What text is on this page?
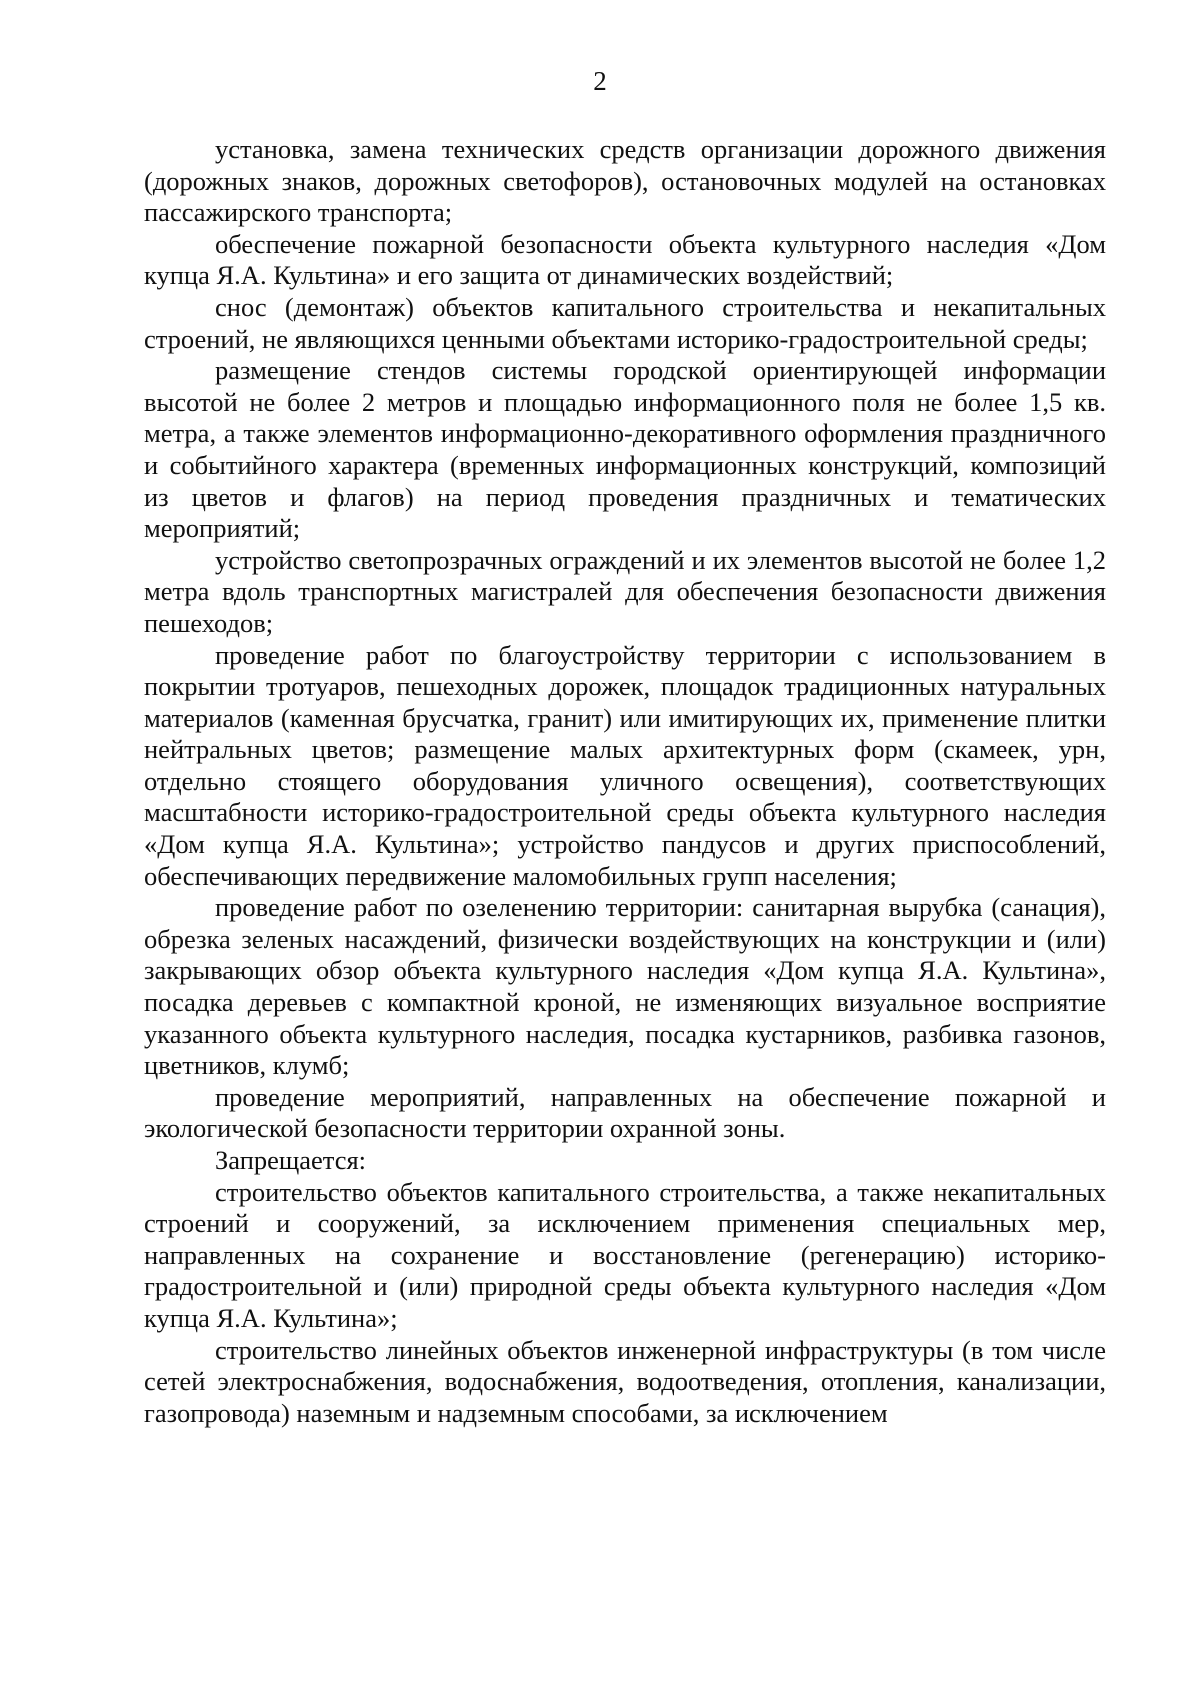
2

установка, замена технических средств организации дорожного движения (дорожных знаков, дорожных светофоров), остановочных модулей на остановках пассажирского транспорта;

обеспечение пожарной безопасности объекта культурного наследия «Дом купца Я.А. Культина» и его защита от динамических воздействий;

снос (демонтаж) объектов капитального строительства и некапитальных строений, не являющихся ценными объектами историко-градостроительной среды;

размещение стендов системы городской ориентирующей информации высотой не более 2 метров и площадью информационного поля не более 1,5 кв. метра, а также элементов информационно-декоративного оформления праздничного и событийного характера (временных информационных конструкций, композиций из цветов и флагов) на период проведения праздничных и тематических мероприятий;

устройство светопрозрачных ограждений и их элементов высотой не более 1,2 метра вдоль транспортных магистралей для обеспечения безопасности движения пешеходов;

проведение работ по благоустройству территории с использованием в покрытии тротуаров, пешеходных дорожек, площадок традиционных натуральных материалов (каменная брусчатка, гранит) или имитирующих их, применение плитки нейтральных цветов; размещение малых архитектурных форм (скамеек, урн, отдельно стоящего оборудования уличного освещения), соответствующих масштабности историко-градостроительной среды объекта культурного наследия «Дом купца Я.А. Культина»; устройство пандусов и других приспособлений, обеспечивающих передвижение маломобильных групп населения;

проведение работ по озеленению территории: санитарная вырубка (санация), обрезка зеленых насаждений, физически воздействующих на конструкции и (или) закрывающих обзор объекта культурного наследия «Дом купца Я.А. Культина», посадка деревьев с компактной кроной, не изменяющих визуальное восприятие указанного объекта культурного наследия, посадка кустарников, разбивка газонов, цветников, клумб;

проведение мероприятий, направленных на обеспечение пожарной и экологической безопасности территории охранной зоны.

Запрещается:

строительство объектов капитального строительства, а также некапитальных строений и сооружений, за исключением применения специальных мер, направленных на сохранение и восстановление (регенерацию) историко-градостроительной и (или) природной среды объекта культурного наследия «Дом купца Я.А. Культина»;

строительство линейных объектов инженерной инфраструктуры (в том числе сетей электроснабжения, водоснабжения, водоотведения, отопления, канализации, газопровода) наземным и надземным способами, за исключением
